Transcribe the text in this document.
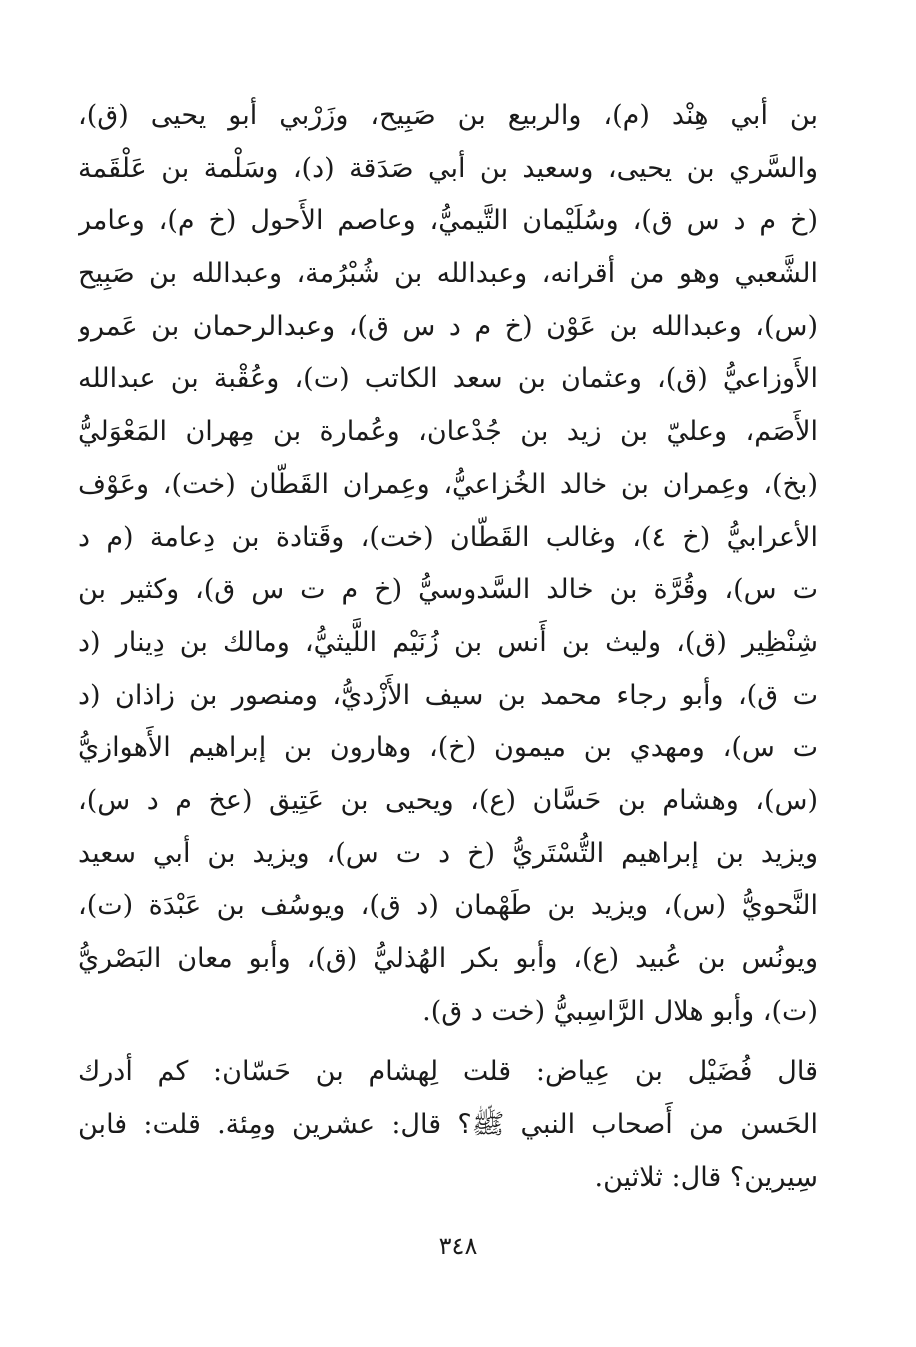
بن أبي هِنْد (م)، والربيع بن صَبِيح، وزَرْبي أبو يحيى (ق)،
والسَّري بن يحيى، وسعيد بن أبي صَدَقة (د)، وسَلْمة بن عَلْقَمة
(خ م د س ق)، وسُلَيْمان التَّيميُّ، وعاصم الأَحول (خ م)، وعامر
الشَّعبي وهو من أقرانه، وعبدالله بن شُبْرُمة، وعبدالله بن صَبِيح
(س)، وعبدالله بن عَوْن (خ م د س ق)، وعبدالرحمان بن عَمرو
الأَوزاعيُّ (ق)، وعثمان بن سعد الكاتب (ت)، وعُقْبة بن عبدالله
الأَصَم، وعليّ بن زيد بن جُدْعان، وعُمارة بن مِهران المَعْوَليُّ
(بخ)، وعِمران بن خالد الخُزاعيُّ، وعِمران القَطّان (خت)، وعَوْف
الأعرابيُّ (خ ٤)، وغالب القَطّان (خت)، وقَتادة بن دِعامة (م د
ت س)، وقُرَّة بن خالد السَّدوسيُّ (خ م ت س ق)، وكثير بن
شِنْظِير (ق)، وليث بن أَنس بن زُنَيْم اللَّيثيُّ، ومالك بن دِينار (د
ت ق)، وأبو رجاء محمد بن سيف الأَزْديُّ، ومنصور بن زاذان (د
ت س)، ومهدي بن ميمون (خ)، وهارون بن إبراهيم الأَهوازيُّ
(س)، وهشام بن حَسَّان (ع)، ويحيى بن عَتِيق (عخ م د س)،
ويزيد بن إبراهيم التُّسْتَريُّ (خ د ت س)، ويزيد بن أبي سعيد
النَّحويُّ (س)، ويزيد بن طَهْمان (د ق)، ويوسُف بن عَبْدَة (ت)،
ويونُس بن عُبيد (ع)، وأبو بكر الهُذليُّ (ق)، وأبو معان البَصْريُّ
(ت)، وأبو هلال الرَّاسِبيُّ (خت د ق).
قال فُضَيْل بن عِياض: قلت لِهشام بن حَسّان: كم أدرك
الحَسن من أَصحاب النبي ﷺ؟ قال: عشرين ومِئة. قلت: فابن
سِيرين؟ قال: ثلاثين.
٣٤٨
